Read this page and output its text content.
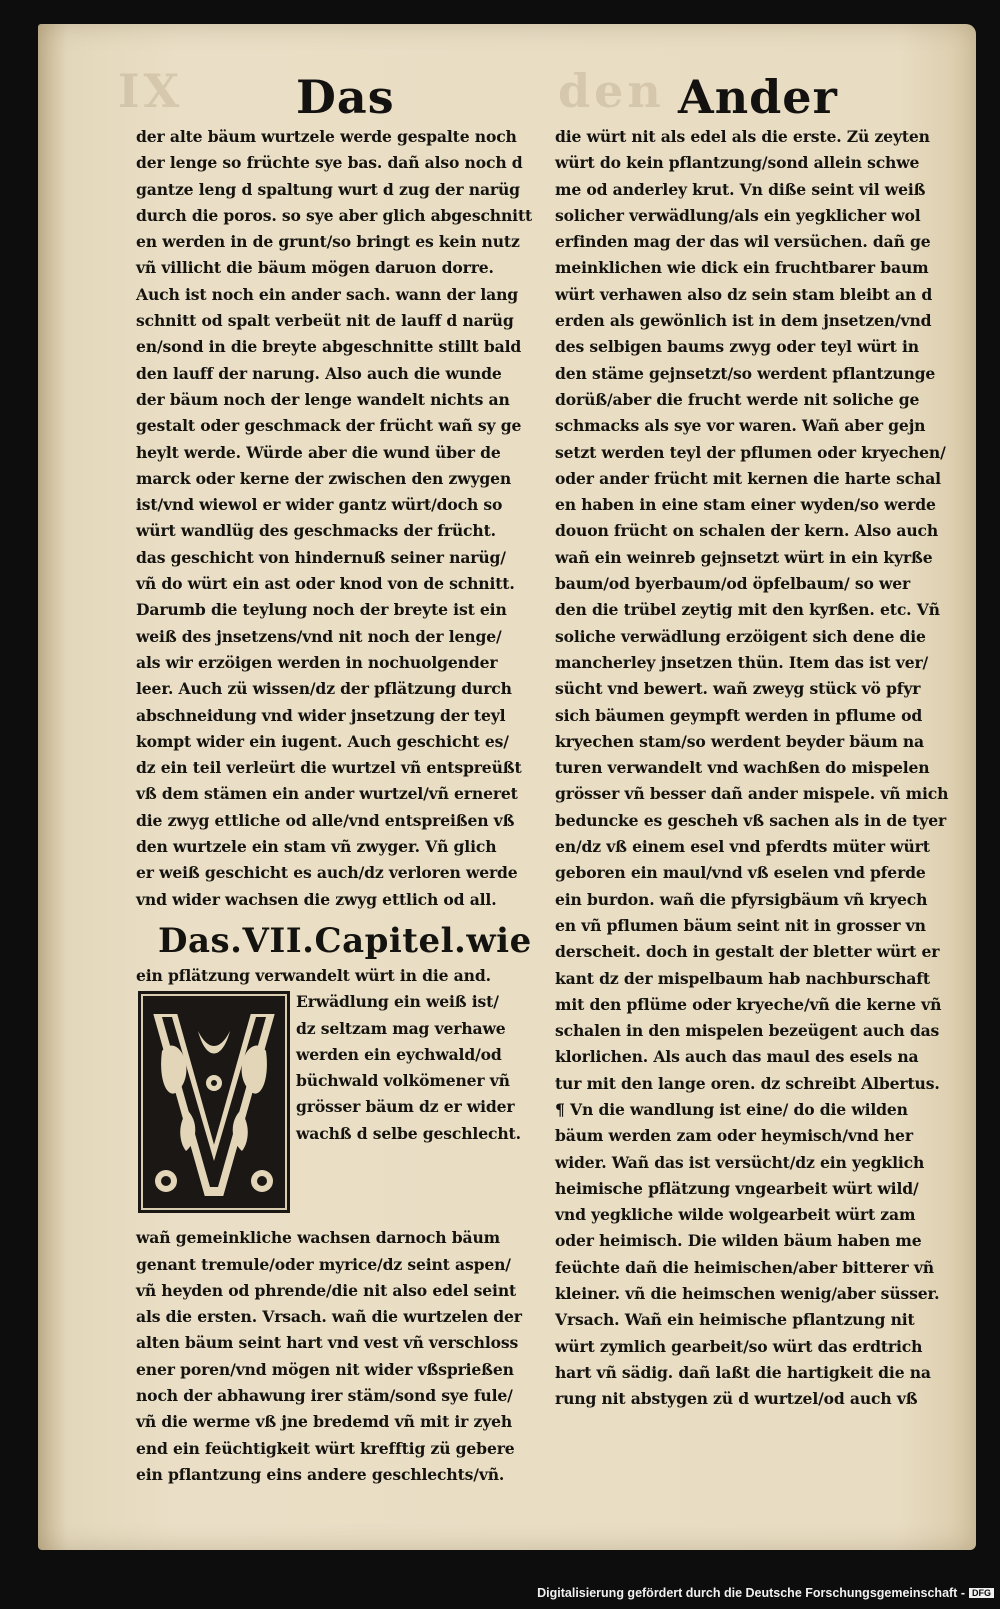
IX	den
Das	Ander
der alte bäum wurtzele werde gespalte noch
der lenge so früchte sye bas. dañ also noch d
gantze leng d spaltung wurt d zug der narüg
durch die poros. so sye aber glich abgeschnitt
en werden in de grunt/so bringt es kein nutz
vñ villicht die bäum mögen daruon dorre.
Auch ist noch ein ander sach. wann der lang
schnitt od spalt verbeüt nit de lauff d narüg
en/sond in die breyte abgeschnitte stillt bald
den lauff der narung. Also auch die wunde
der bäum noch der lenge wandelt nichts an
gestalt oder geschmack der frücht wañ sy ge
heylt werde. Würde aber die wund über de
marck oder kerne der zwischen den zwygen
ist/vnd wiewol er wider gantz würt/doch so
würt wandlüg des geschmacks der frücht.
das geschicht von hindernuß seiner narüg/
vñ do würt ein ast oder knod von de schnitt.
Darumb die teylung noch der breyte ist ein
weiß des jnsetzens/vnd nit noch der lenge/
als wir erzöigen werden in nochuolgender
leer. Auch zü wissen/dz der pflätzung durch
abschneidung vnd wider jnsetzung der teyl
kompt wider ein iugent. Auch geschicht es/
dz ein teil verleürt die wurtzel vñ entspreüßt
vß dem stämen ein ander wurtzel/vñ erneret
die zwyg ettliche od alle/vnd entspreißen vß
den wurtzele ein stam vñ zwyger. Vñ glich
er weiß geschicht es auch/dz verloren werde
vnd wider wachsen die zwyg ettlich od all.
Das.VII.Capitel.wie
ein pflätzung verwandelt würt in die and.
Erwädlung ein weiß ist/
dz seltzam mag verhawe
werden ein eychwald/od
büchwald volkömener vñ
grösser bäum dz er wider
wachß d selbe geschlecht.
wañ gemeinkliche wachsen darnoch bäum
genant tremule/oder myrice/dz seint aspen/
vñ heyden od phrende/die nit also edel seint
als die ersten. Vrsach. wañ die wurtzelen der
alten bäum seint hart vnd vest vñ verschloss
ener poren/vnd mögen nit wider vßsprießen
noch der abhawung irer stäm/sond sye fule/
vñ die werme vß jne bredemd vñ mit ir zyeh
end ein feüchtigkeit würt krefftig zü gebere
ein pflantzung eins andere geschlechts/vñ.
die würt nit als edel als die erste. Zü zeyten
würt do kein pflantzung/sond allein schwe
me od anderley krut. Vn diße seint vil weiß
solicher verwädlung/als ein yegklicher wol
erfinden mag der das wil versüchen. dañ ge
meinklichen wie dick ein fruchtbarer baum
würt verhawen also dz sein stam bleibt an d
erden als gewönlich ist in dem jnsetzen/vnd
des selbigen baums zwyg oder teyl würt in
den stäme gejnsetzt/so werdent pflantzunge
dorüß/aber die frucht werde nit soliche ge
schmacks als sye vor waren. Wañ aber gejn
setzt werden teyl der pflumen oder kryechen/
oder ander frücht mit kernen die harte schal
en haben in eine stam einer wyden/so werde
douon frücht on schalen der kern. Also auch
wañ ein weinreb gejnsetzt würt in ein kyrße
baum/od byerbaum/od öpfelbaum/ so wer
den die trübel zeytig mit den kyrßen. etc. Vñ
soliche verwädlung erzöigent sich dene die
mancherley jnsetzen thün. Item das ist ver/
sücht vnd bewert. wañ zweyg stück vö pfyr
sich bäumen geympft werden in pflume od
kryechen stam/so werdent beyder bäum na
turen verwandelt vnd wachßen do mispelen
grösser vñ besser dañ ander mispele. vñ mich
beduncke es gescheh vß sachen als in de tyer
en/dz vß einem esel vnd pferdts müter würt
geboren ein maul/vnd vß eselen vnd pferde
ein burdon. wañ die pfyrsigbäum vñ kryech
en vñ pflumen bäum seint nit in grosser vn
derscheit. doch in gestalt der bletter würt er
kant dz der mispelbaum hab nachburschaft
mit den pflüme oder kryeche/vñ die kerne vñ
schalen in den mispelen bezeügent auch das
klorlichen. Als auch das maul des esels na
tur mit den lange oren. dz schreibt Albertus.
¶ Vn die wandlung ist eine/ do die wilden
bäum werden zam oder heymisch/vnd her
wider. Wañ das ist versücht/dz ein yegklich
heimische pflätzung vngearbeit würt wild/
vnd yegkliche wilde wolgearbeit würt zam
oder heimisch. Die wilden bäum haben me
feüchte dañ die heimischen/aber bitterer vñ
kleiner. vñ die heimschen wenig/aber süsser.
Vrsach. Wañ ein heimische pflantzung nit
würt zymlich gearbeit/so würt das erdtrich
hart vñ sädig. dañ laßt die hartigkeit die na
rung nit abstygen zü d wurtzel/od auch vß
Digitalisierung gefördert durch die Deutsche Forschungsgemeinschaft - DFG
